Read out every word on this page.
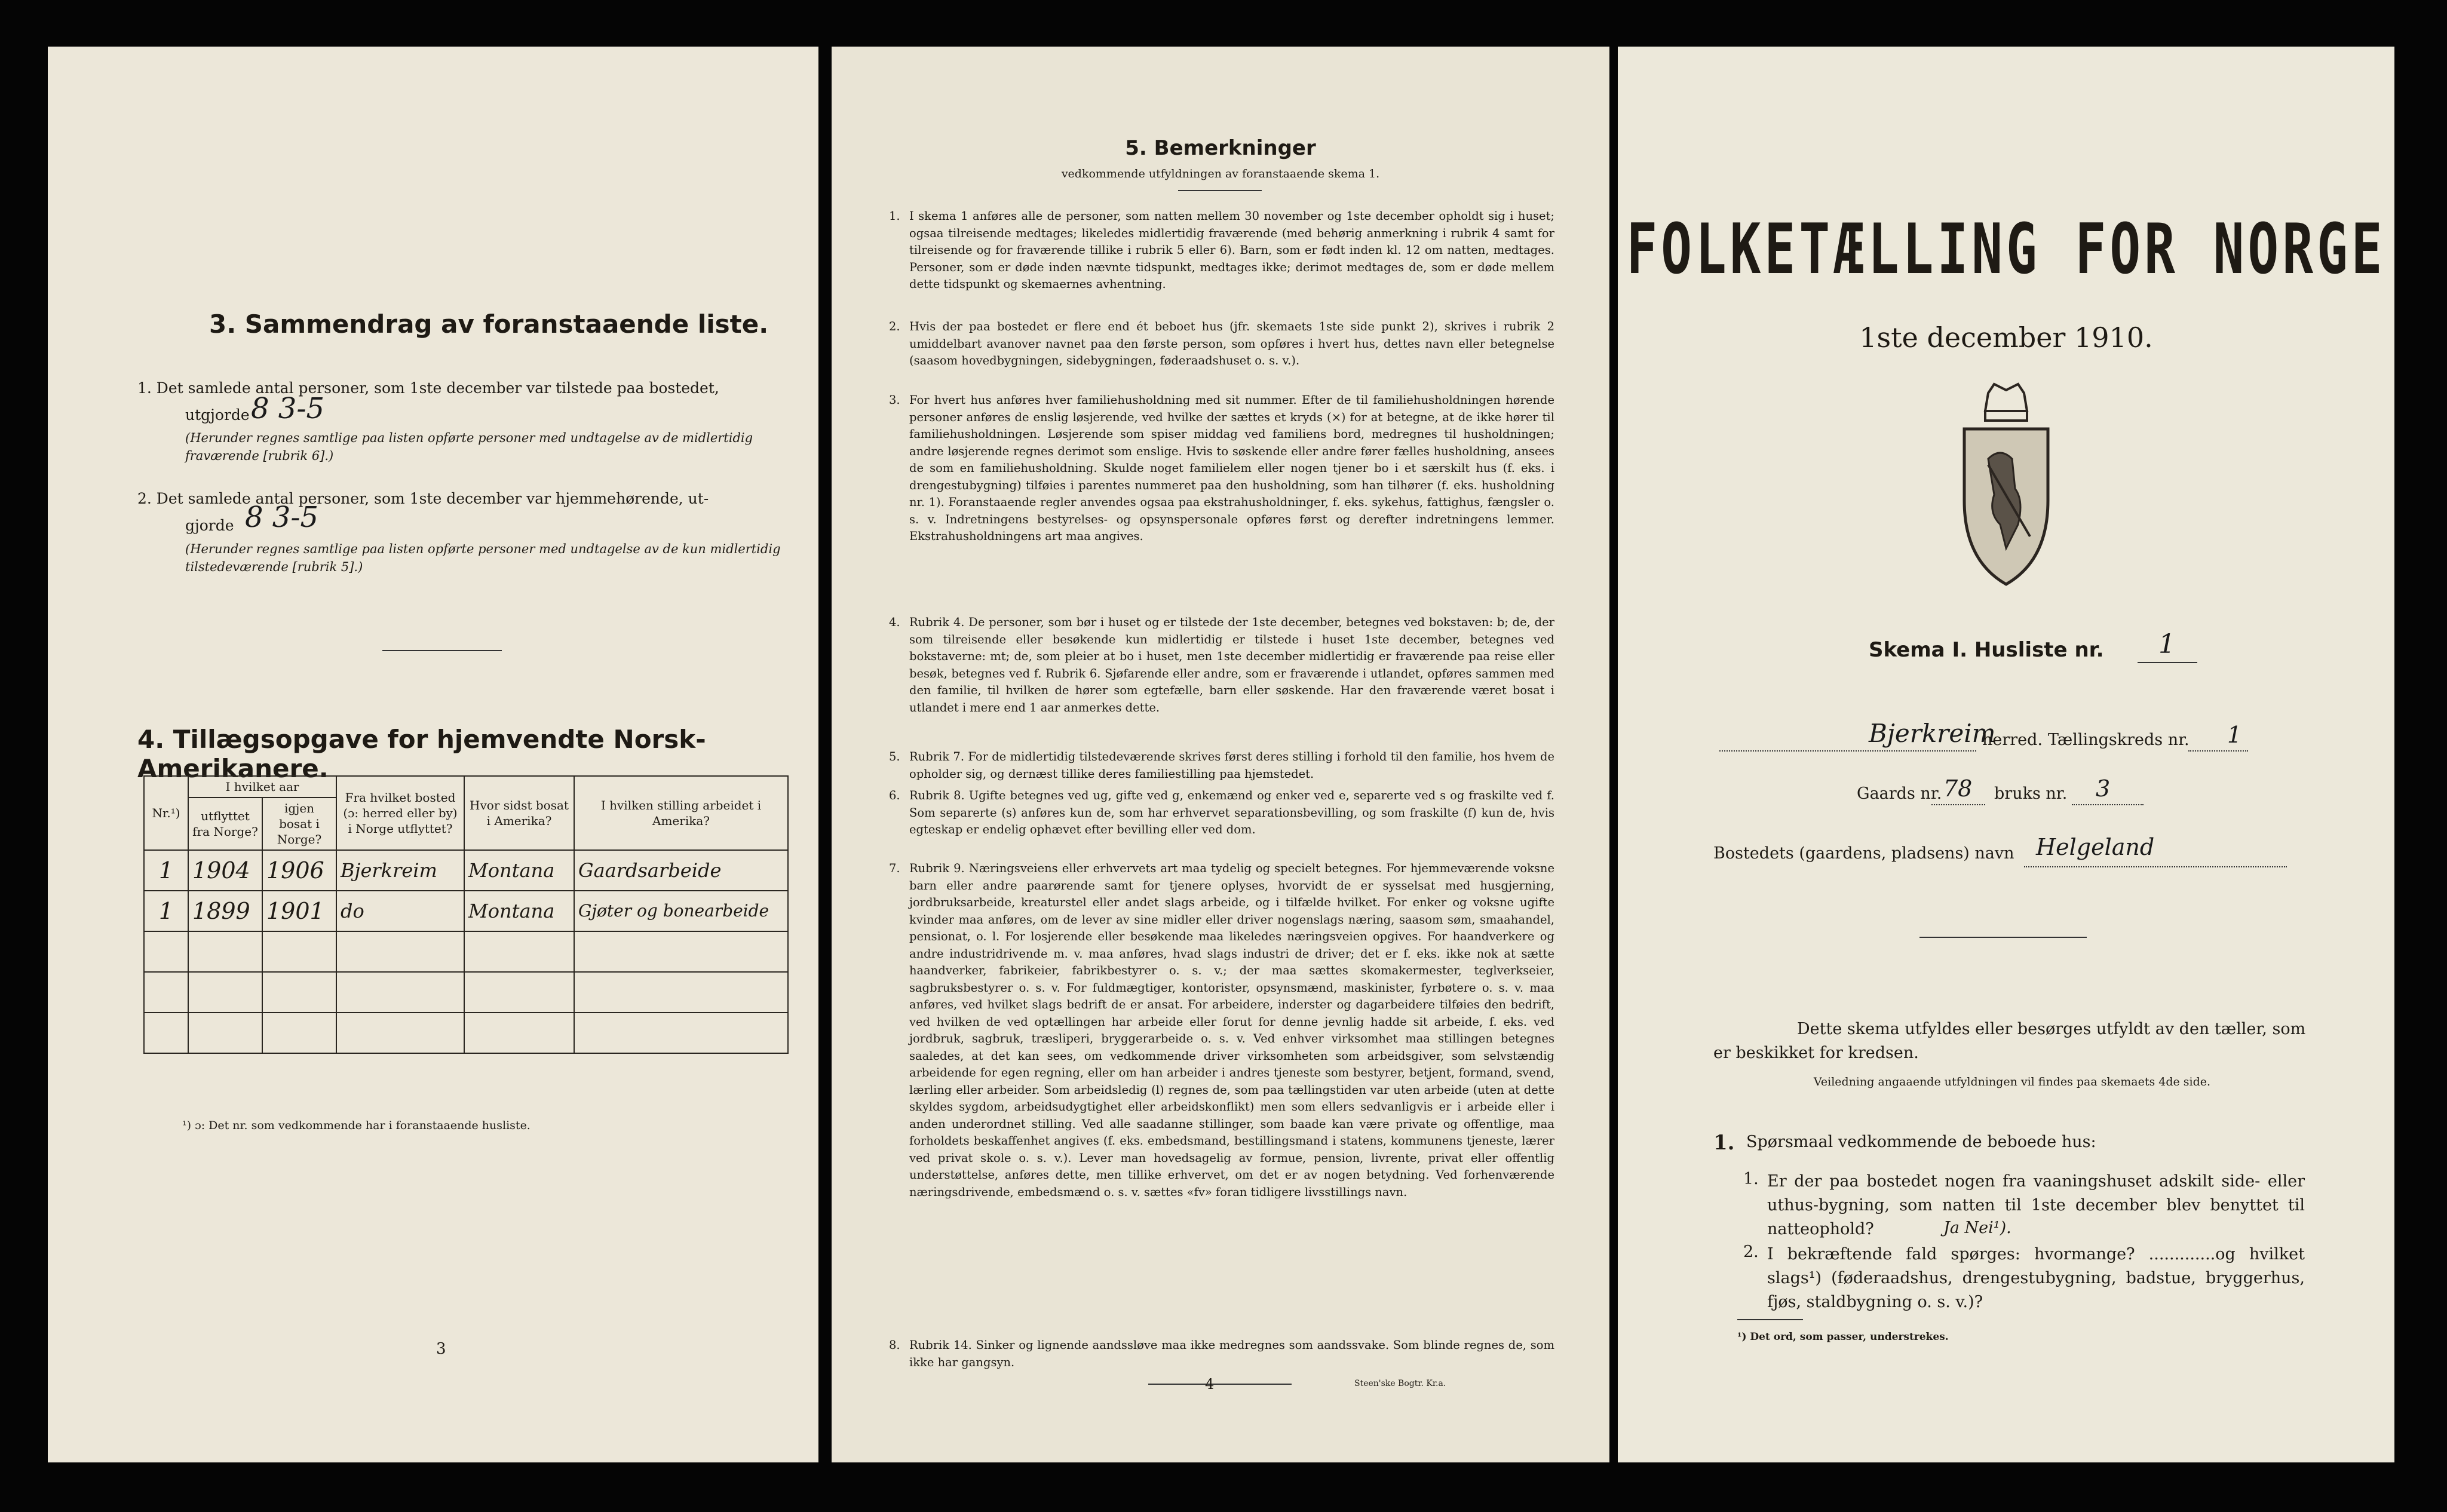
3. Sammendrag av foranstaaende liste.
1. Det samlede antal personer, som 1ste december var tilstede paa bostedet,
utgjorde 8 3-5
(Herunder regnes samtlige paa listen opførte personer med undtagelse av de midlertidig fraværende [rubrik 6].)
2. Det samlede antal personer, som 1ste december var hjemmehørende, ut-
gjorde 8 3-5
(Herunder regnes samtlige paa listen opførte personer med undtagelse av de kun midlertidig tilstedeværende [rubrik 5].)
4. Tillægsopgave for hjemvendte Norsk-Amerikanere.
Nr.¹)	I hvilket aar		Fra hvilket bosted (ɔ: herred eller by) i Norge utflyttet?	Hvor sidst bosat i Amerika?	I hvilken stilling arbeidet i Amerika?
	utflyttet fra Norge?	igjen bosat i Norge?			
1	1904	1906	Bjerkreim	Montana	Gaardsarbeide
1	1899	1901	do	Montana	Gjøter og bonearbeide

¹) ɔ: Det nr. som vedkommende har i foranstaaende husliste.
3
5. Bemerkninger
vedkommende utfyldningen av foranstaaende skema 1.
1. I skema 1 anføres alle de personer, som natten mellem 30 november og 1ste december opholdt sig i huset; ogsaa tilreisende medtages; likeledes midlertidig fraværende (med behørig anmerkning i rubrik 4 samt for tilreisende og for fraværende tillike i rubrik 5 eller 6). Barn, som er født inden kl. 12 om natten, medtages. Personer, som er døde inden nævnte tidspunkt, medtages ikke; derimot medtages de, som er døde mellem dette tidspunkt og skemaernes avhentning.
2. Hvis der paa bostedet er flere end ét beboet hus (jfr. skemaets 1ste side punkt 2), skrives i rubrik 2 umiddelbart avanover navnet paa den første person, som opføres i hvert hus, dettes navn eller betegnelse (saasom hovedbygningen, sidebygningen, føderaadshuset o. s. v.).
3. For hvert hus anføres hver familiehusholdning med sit nummer. Efter de til familiehusholdningen hørende personer anføres de enslig løsjerende, ved hvilke der sættes et kryds (×) for at betegne, at de ikke hører til familiehusholdningen. Løsjerende som spiser middag ved familiens bord, medregnes til husholdningen; andre løsjerende regnes derimot som enslige. Hvis to søskende eller andre fører fælles husholdning, ansees de som en familiehusholdning. Skulde noget familielem eller nogen tjener bo i et særskilt hus (f. eks. i drengestubygning) tilføies i parentes nummeret paa den husholdning, som han tilhører (f. eks. husholdning nr. 1). Foranstaaende regler anvendes ogsaa paa ekstrahusholdninger, f. eks. sykehus, fattighus, fængsler o. s. v. Indretningens bestyrelses- og opsynspersonale opføres først og derefter indretningens lemmer. Ekstrahusholdningens art maa angives.
4. Rubrik 4. De personer, som bør i huset og er tilstede der 1ste december, betegnes ved bokstaven: b; de, der som tilreisende eller besøkende kun midlertidig er tilstede i huset 1ste december, betegnes ved bokstaverne: mt; de, som pleier at bo i huset, men 1ste december midlertidig er fraværende paa reise eller besøk, betegnes ved f. Rubrik 6. Sjøfarende eller andre, som er fraværende i utlandet, opføres sammen med den familie, til hvilken de hører som egtefælle, barn eller søskende. Har den fraværende været bosat i utlandet i mere end 1 aar anmerkes dette.
5. Rubrik 7. For de midlertidig tilstedeværende skrives først deres stilling i forhold til den familie, hos hvem de opholder sig, og dernæst tillike deres familiestilling paa hjemstedet.
6. Rubrik 8. Ugifte betegnes ved ug, gifte ved g, enkemænd og enker ved e, separerte ved s og fraskilte ved f. Som separerte (s) anføres kun de, som har erhvervet separationsbevilling, og som fraskilte (f) kun de, hvis egteskap er endelig ophævet efter bevilling eller ved dom.
7. Rubrik 9. Næringsveiens eller erhvervets art maa tydelig og specielt betegnes. For hjemmeværende voksne barn eller andre paarørende samt for tjenere oplyses, hvorvidt de er sysselsat med husgjerning, jordbruksarbeide, kreaturstel eller andet slags arbeide, og i tilfælde hvilket. For enker og voksne ugifte kvinder maa anføres, om de lever av sine midler eller driver nogenslags næring, saasom søm, smaahandel, pensionat, o. l. For losjerende eller besøkende maa likeledes næringsveien opgives. For haandverkere og andre industridrivende m. v. maa anføres, hvad slags industri de driver; det er f. eks. ikke nok at sætte haandverker, fabrikeier, fabrikbestyrer o. s. v.; der maa sættes skomakermester, teglverkseier, sagbruksbestyrer o. s. v. For fuldmægtiger, kontorister, opsynsmænd, maskinister, fyrbøtere o. s. v. maa anføres, ved hvilket slags bedrift de er ansat. For arbeidere, inderster og dagarbeidere tilføies den bedrift, ved hvilken de ved optællingen har arbeide eller forut for denne jevnlig hadde sit arbeide, f. eks. ved jordbruk, sagbruk, træsliperi, bryggerarbeide o. s. v. Ved enhver virksomhet maa stillingen betegnes saaledes, at det kan sees, om vedkommende driver virksomheten som arbeidsgiver, som selvstændig arbeidende for egen regning, eller om han arbeider i andres tjeneste som bestyrer, betjent, formand, svend, lærling eller arbeider. Som arbeidsledig (l) regnes de, som paa tællingstiden var uten arbeide (uten at dette skyldes sygdom, arbeidsudygtighet eller arbeidskonflikt) men som ellers sedvanligvis er i arbeide eller i anden underordnet stilling. Ved alle saadanne stillinger, som baade kan være private og offentlige, maa forholdets beskaffenhet angives (f. eks. embedsmand, bestillingsmand i statens, kommunens tjeneste, lærer ved privat skole o. s. v.). Lever man hovedsagelig av formue, pension, livrente, privat eller offentlig understøttelse, anføres dette, men tillike erhvervet, om det er av nogen betydning. Ved forhenværende næringsdrivende, embedsmænd o. s. v. sættes «fv» foran tidligere livsstillings navn.
8. Rubrik 14. Sinker og lignende aandssløve maa ikke medregnes som aandssvake. Som blinde regnes de, som ikke har gangsyn.
4	Steen'ske Bogtr. Kr.a.
FOLKETÆLLING FOR NORGE
1ste december 1910.
Skema I. Husliste nr. 1
Bjerkreim
herred. Tællingskreds nr. 1
Gaards nr. 78 bruks nr. 3
Bostedets (gaardens, pladsens) navn Helgeland
Dette skema utfyldes eller besørges utfyldt av den tæller, som er beskikket for kredsen.
Veiledning angaaende utfyldningen vil findes paa skemaets 4de side.
1. Spørsmaal vedkommende de beboede hus:
1. Er der paa bostedet nogen fra vaaningshuset adskilt side- eller uthus-bygning, som natten til 1ste december blev benyttet til natteophold?	Ja Nei¹).
2. I bekræftende fald spørges: hvormange? .............og hvilket slags¹) (føderaadshus, drengestubygning, badstue, bryggerhus, fjøs, staldbygning o. s. v.)?
¹) Det ord, som passer, understrekes.
